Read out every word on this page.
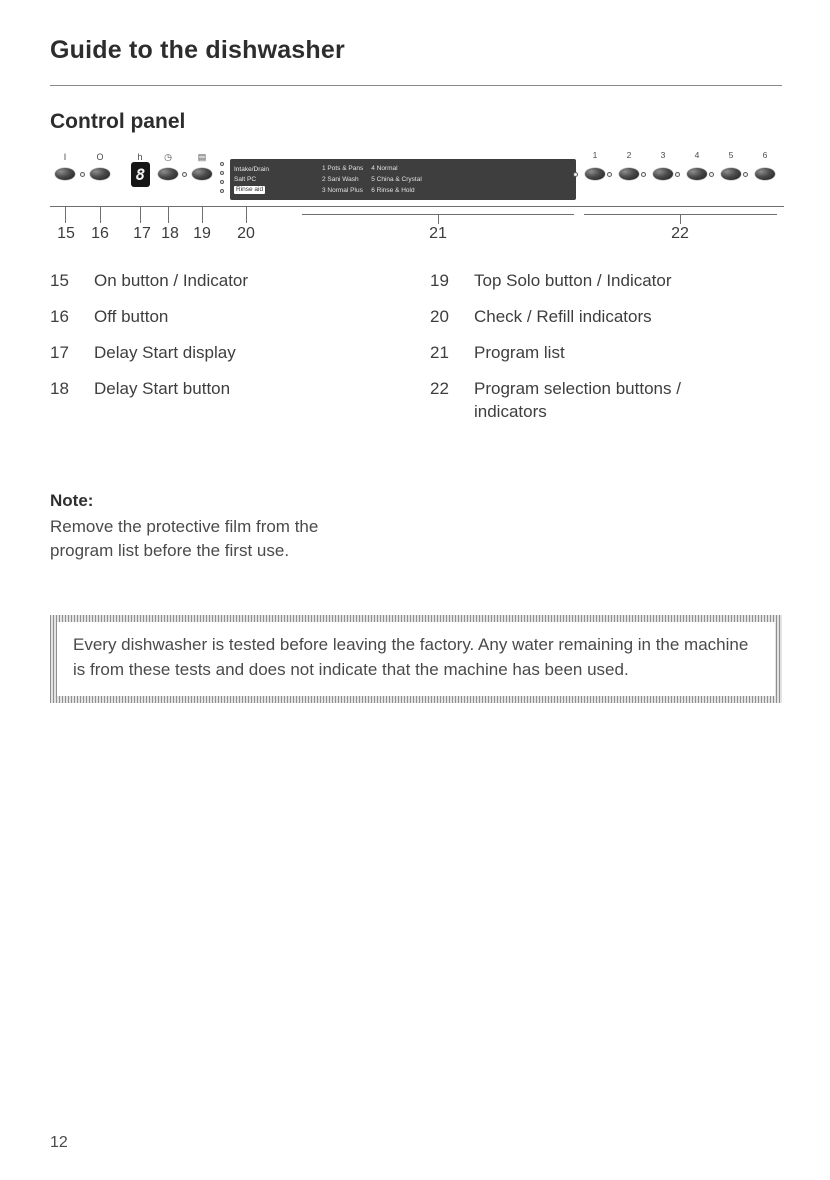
Guide to the dishwasher
Control panel
I	O	h ◷	▤
8	Intake/Drain
Salt PC
Rinse aid
1 Pots & Pans
2 Sani Wash
3 Normal Plus
4 Normal
5 China & Crystal
6 Rinse & Hold
1	2	3	4	5	6
15 16 17 18 19 20	21	22
15	On button / Indicator
16	Off button
17	Delay Start display
18	Delay Start button
19	Top Solo button / Indicator
20	Check / Refill indicators
21	Program list
22	Program selection buttons / indicators
Note:
Remove the protective film from the program list before the first use.
Every dishwasher is tested before leaving the factory. Any water remaining in the machine is from these tests and does not indicate that the machine has been used.
12
